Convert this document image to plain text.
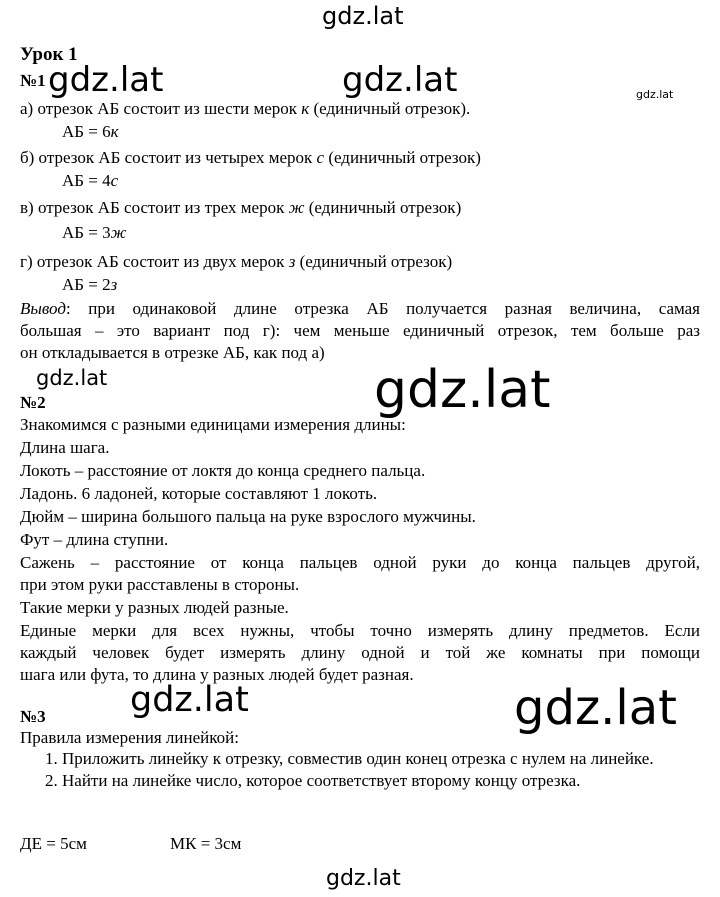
gdz.lat
gdz.lat	gdz.lat	gdz.lat
gdz.lat	gdz.lat
gdz.lat	gdz.lat
gdz.lat
Урок 1
№1
а) отрезок АБ состоит из шести мерок к (единичный отрезок).
АБ = 6к
б) отрезок АБ состоит из четырех мерок с (единичный отрезок)
АБ = 4с
в) отрезок АБ состоит из трех мерок ж (единичный отрезок)
АБ = 3ж
г) отрезок АБ состоит из двух мерок з (единичный отрезок)
АБ = 2з
Вывод: при одинаковой длине отрезка АБ получается разная величина, самая
большая – это вариант под г): чем меньше единичный отрезок, тем больше раз
он откладывается в отрезке АБ, как под а)
№2
Знакомимся с разными единицами измерения длины:
Длина шага.
Локоть – расстояние от локтя до конца среднего пальца.
Ладонь. 6 ладоней, которые составляют 1 локоть.
Дюйм – ширина большого пальца на руке взрослого мужчины.
Фут – длина ступни.
Сажень – расстояние от конца пальцев одной руки до конца пальцев другой,
при этом руки расставлены в стороны.
Такие мерки у разных людей разные.
Единые мерки для всех нужны, чтобы точно измерять длину предметов. Если
каждый человек будет измерять длину одной и той же комнаты при помощи
шага или фута, то длина у разных людей будет разная.
№3
Правила измерения линейкой:
1. Приложить линейку к отрезку, совместив один конец отрезка с нулем на линейке.
2. Найти на линейке число, которое соответствует второму концу отрезка.
ДЕ = 5см	МК = 3см
